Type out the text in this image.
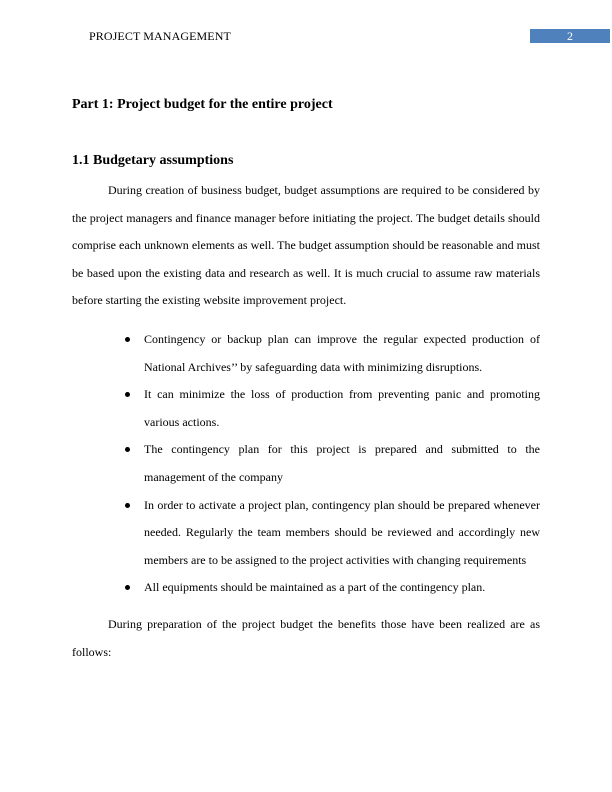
PROJECT MANAGEMENT	2
Part 1: Project budget for the entire project
1.1 Budgetary assumptions

During creation of business budget, budget assumptions are required to be considered by the project managers and finance manager before initiating the project. The budget details should comprise each unknown elements as well. The budget assumption should be reasonable and must be based upon the existing data and research as well. It is much crucial to assume raw materials before starting the existing website improvement project.

Contingency or backup plan can improve the regular expected production of National Archives’’ by safeguarding data with minimizing disruptions.
It can minimize the loss of production from preventing panic and promoting various actions.
The contingency plan for this project is prepared and submitted to the management of the company
In order to activate a project plan, contingency plan should be prepared whenever needed. Regularly the team members should be reviewed and accordingly new members are to be assigned to the project activities with changing requirements
All equipments should be maintained as a part of the contingency plan.

During preparation of the project budget the benefits those have been realized are as follows:
